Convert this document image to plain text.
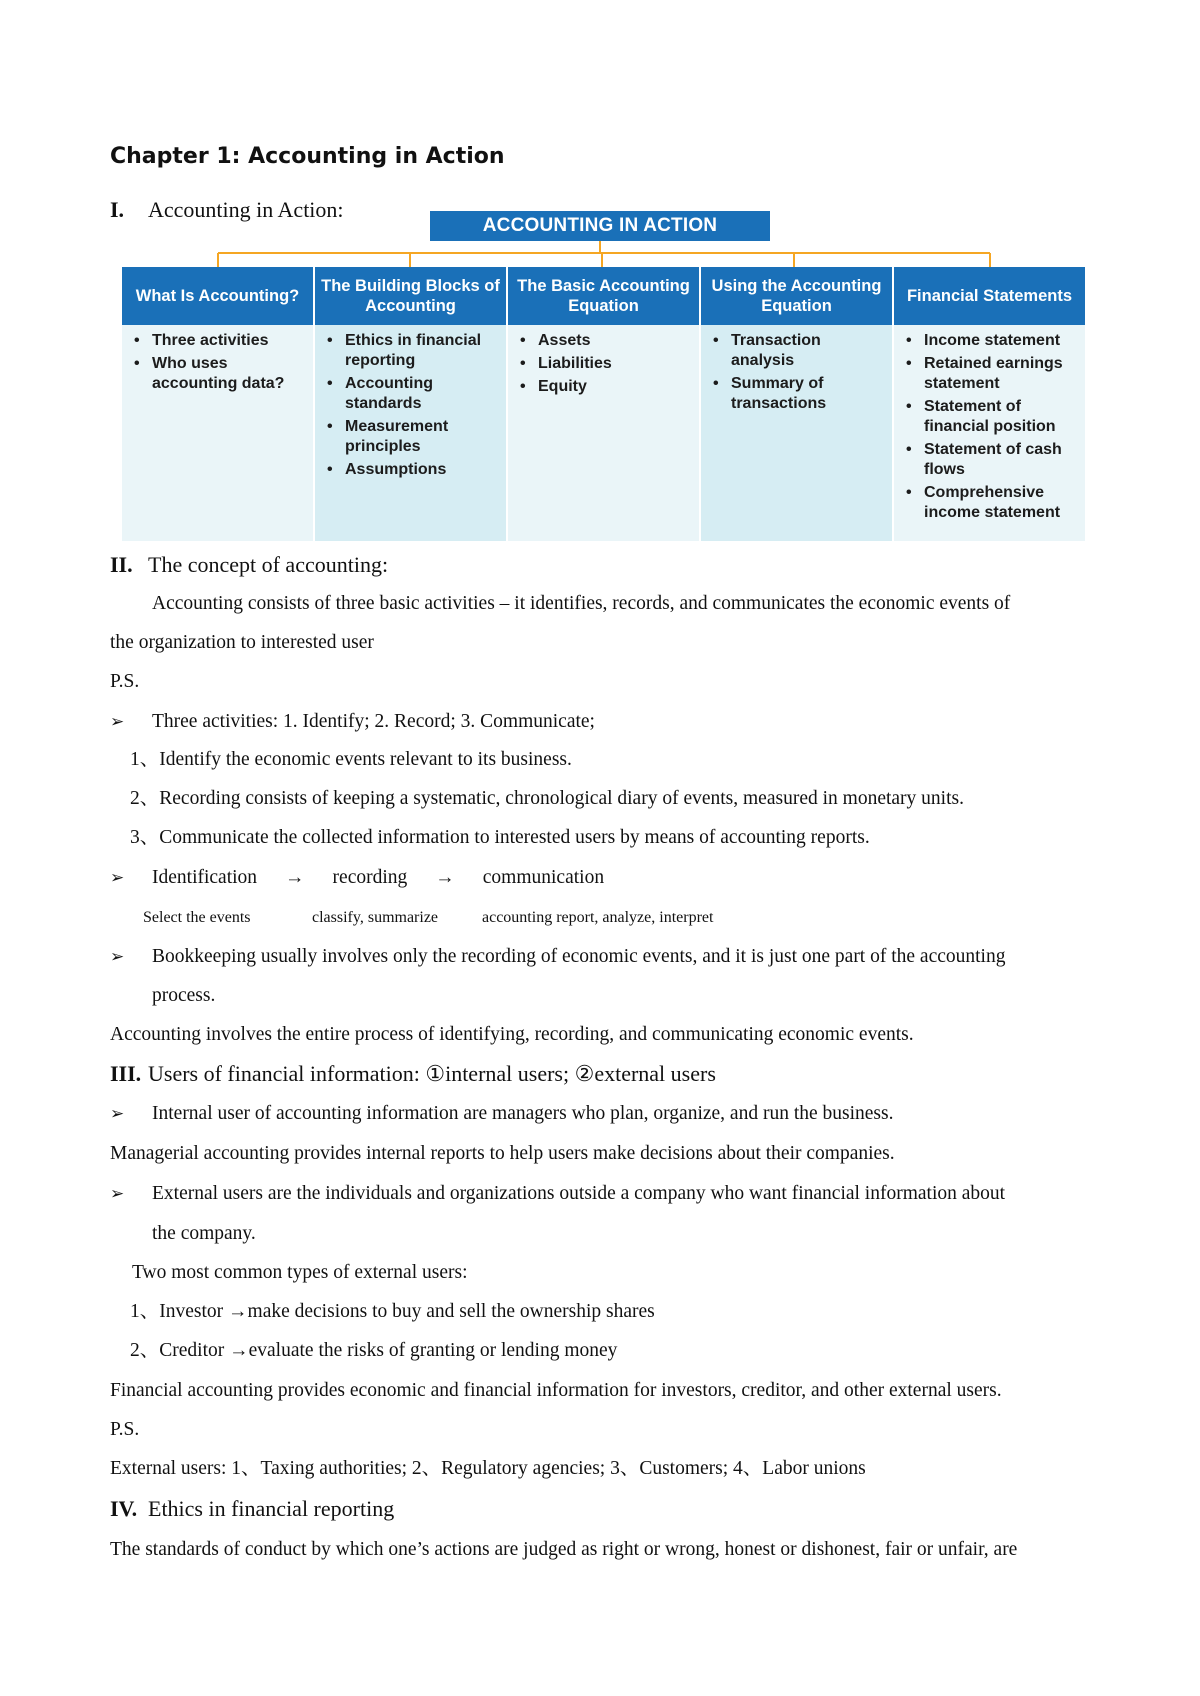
Chapter 1: Accounting in Action
I. Accounting in Action:
ACCOUNTING IN ACTION
What Is Accounting?
• Three activities
• Who uses accounting data?
The Building Blocks of Accounting
• Ethics in financial reporting
• Accounting standards
• Measurement principles
• Assumptions
The Basic Accounting Equation
• Assets
• Liabilities
• Equity
Using the Accounting Equation
• Transaction analysis
• Summary of transactions
Financial Statements
• Income statement
• Retained earnings statement
• Statement of financial position
• Statement of cash flows
• Comprehensive income statement
II. The concept of accounting:
Accounting consists of three basic activities – it identifies, records, and communicates the economic events of
the organization to interested user
P.S.
➢ Three activities: 1. Identify; 2. Record; 3. Communicate;
1、Identify the economic events relevant to its business.
2、Recording consists of keeping a systematic, chronological diary of events, measured in monetary units.
3、Communicate the collected information to interested users by means of accounting reports.
➢ Identification → recording → communication
Select the events	classify, summarize	accounting report, analyze, interpret
➢ Bookkeeping usually involves only the recording of economic events, and it is just one part of the accounting
process.
Accounting involves the entire process of identifying, recording, and communicating economic events.
III. Users of financial information: ①internal users; ②external users
➢ Internal user of accounting information are managers who plan, organize, and run the business.
Managerial accounting provides internal reports to help users make decisions about their companies.
➢ External users are the individuals and organizations outside a company who want financial information about
the company.
Two most common types of external users:
1、Investor →make decisions to buy and sell the ownership shares
2、Creditor →evaluate the risks of granting or lending money
Financial accounting provides economic and financial information for investors, creditor, and other external users.
P.S.
External users: 1、Taxing authorities; 2、Regulatory agencies; 3、Customers; 4、Labor unions
IV. Ethics in financial reporting
The standards of conduct by which one’s actions are judged as right or wrong, honest or dishonest, fair or unfair, are
